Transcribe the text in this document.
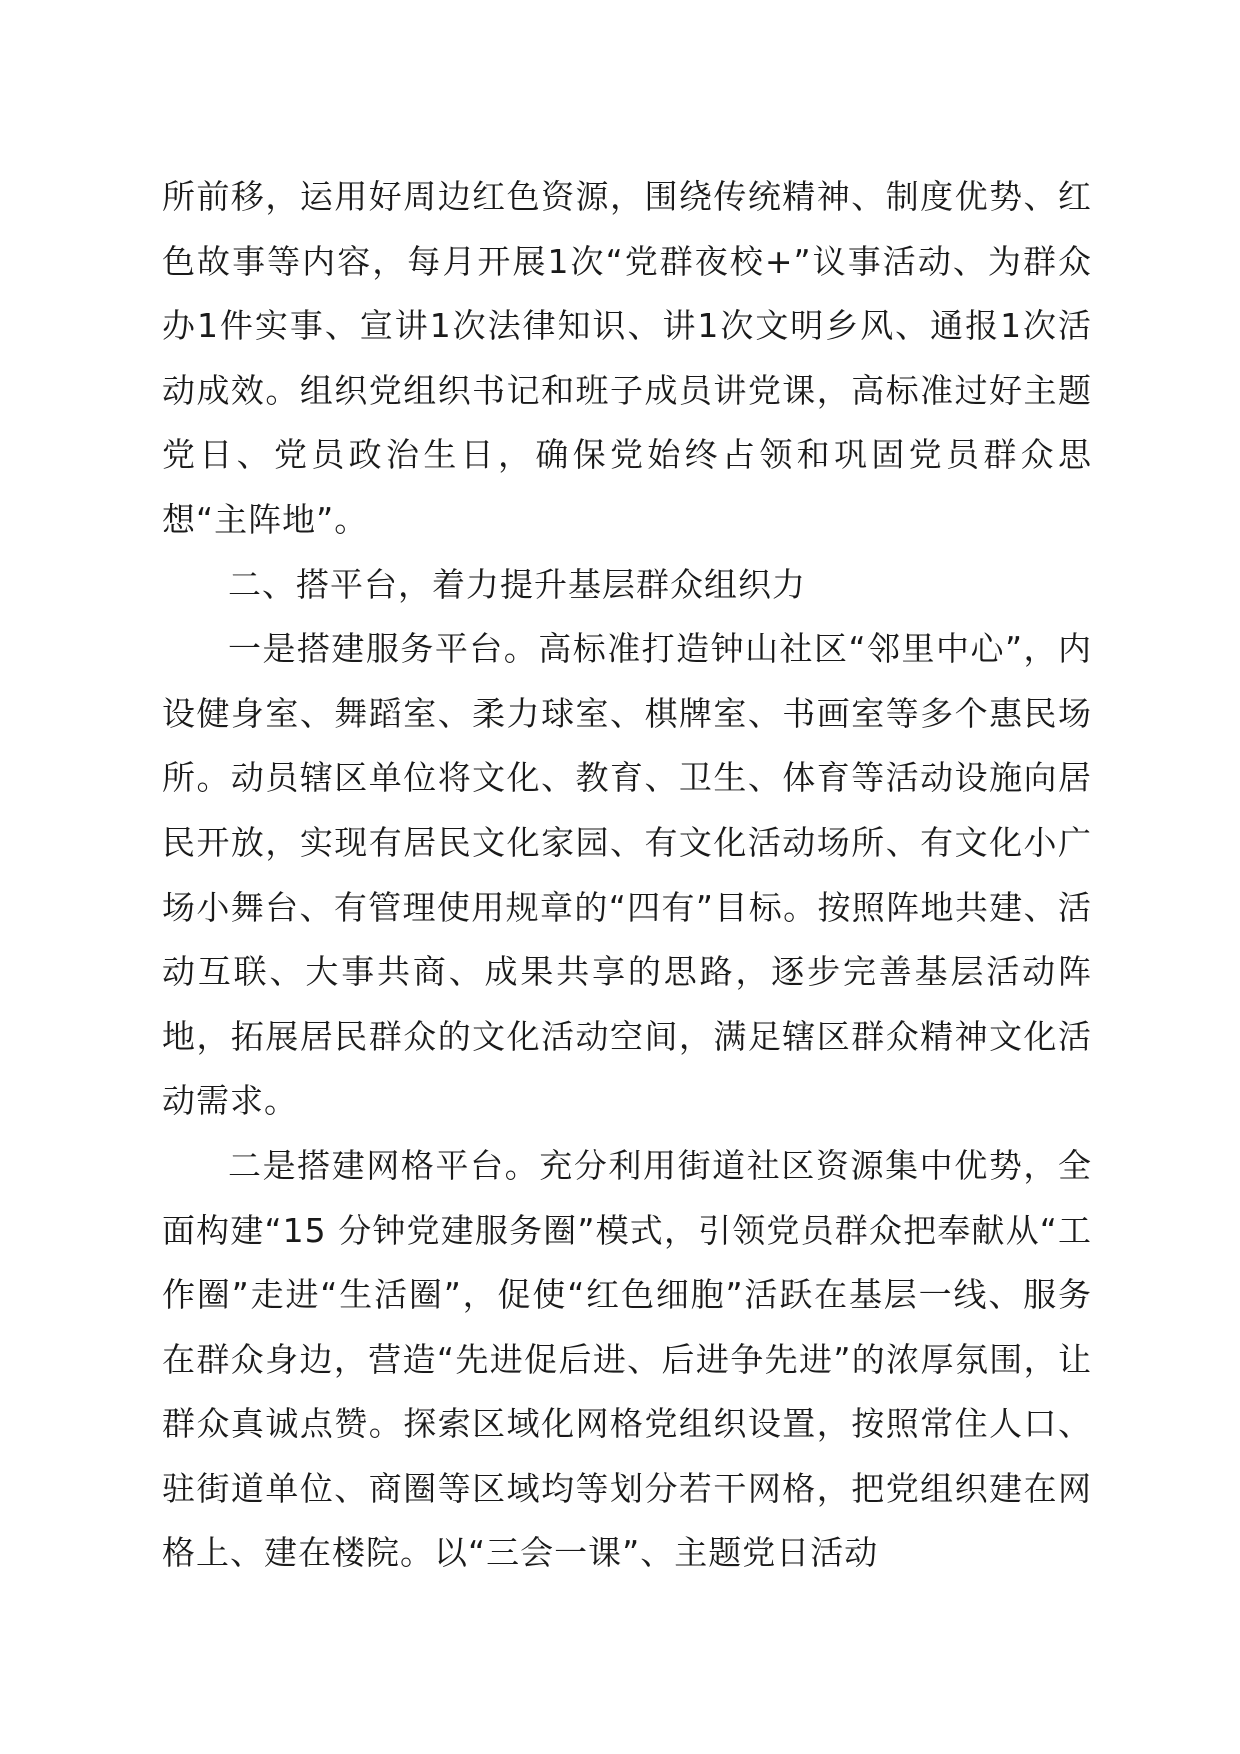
所前移，运用好周边红色资源，围绕传统精神、制度优势、红色故事等内容，每月开展1次“党群夜校+”议事活动、为群众办1件实事、宣讲1次法律知识、讲1次文明乡风、通报1次活动成效。组织党组织书记和班子成员讲党课，高标准过好主题党日、党员政治生日，确保党始终占领和巩固党员群众思想“主阵地”。

二、搭平台，着力提升基层群众组织力

一是搭建服务平台。高标准打造钟山社区“邻里中心”，内设健身室、舞蹈室、柔力球室、棋牌室、书画室等多个惠民场所。动员辖区单位将文化、教育、卫生、体育等活动设施向居民开放，实现有居民文化家园、有文化活动场所、有文化小广场小舞台、有管理使用规章的“四有”目标。按照阵地共建、活动互联、大事共商、成果共享的思路，逐步完善基层活动阵地，拓展居民群众的文化活动空间，满足辖区群众精神文化活动需求。

二是搭建网格平台。充分利用街道社区资源集中优势，全面构建“15 分钟党建服务圈”模式，引领党员群众把奉献从“工作圈”走进“生活圈”，促使“红色细胞”活跃在基层一线、服务在群众身边，营造“先进促后进、后进争先进”的浓厚氛围，让群众真诚点赞。探索区域化网格党组织设置，按照常住人口、驻街道单位、商圈等区域均等划分若干网格，把党组织建在网格上、建在楼院。以“三会一课”、主题党日活动
